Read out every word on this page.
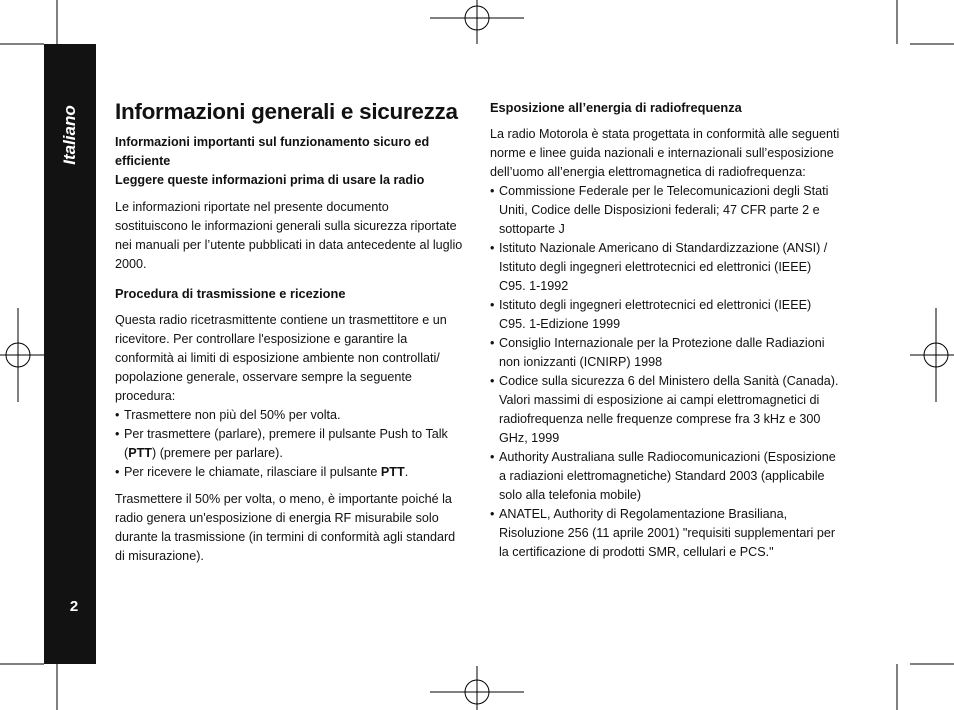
Italiano
2
Informazioni generali e sicurezza
Informazioni importanti sul funzionamento sicuro ed efficiente
Leggere queste informazioni prima di usare la radio

Le informazioni riportate nel presente documento sostituiscono le informazioni generali sulla sicurezza riportate nei manuali per l’utente pubblicati in data antecedente al luglio 2000.

Procedura di trasmissione e ricezione

Questa radio ricetrasmittente contiene un trasmettitore e un ricevitore. Per controllare l'esposizione e garantire la conformità ai limiti di esposizione ambiente non controllati/ popolazione generale, osservare sempre la seguente procedura:

• Trasmettere non più del 50% per volta.
• Per trasmettere (parlare), premere il pulsante Push to Talk (PTT) (premere per parlare).
• Per ricevere le chiamate, rilasciare il pulsante PTT.

Trasmettere il 50% per volta, o meno, è importante poiché la radio genera un'esposizione di energia RF misurabile solo durante la trasmissione (in termini di conformità agli standard di misurazione).

Esposizione all’energia di radiofrequenza

La radio Motorola è stata progettata in conformità alle seguenti norme e linee guida nazionali e internazionali sull’esposizione dell’uomo all’energia elettromagnetica di radiofrequenza:

• Commissione Federale per le Telecomunicazioni degli Stati Uniti, Codice delle Disposizioni federali; 47 CFR parte 2 e sottoparte J
• Istituto Nazionale Americano di Standardizzazione (ANSI) / Istituto degli ingegneri elettrotecnici ed elettronici (IEEE) C95. 1-1992
• Istituto degli ingegneri elettrotecnici ed elettronici (IEEE) C95. 1-Edizione 1999
• Consiglio Internazionale per la Protezione dalle Radiazioni non ionizzanti (ICNIRP) 1998
• Codice sulla sicurezza 6 del Ministero della Sanità (Canada). Valori massimi di esposizione ai campi elettromagnetici di radiofrequenza nelle frequenze comprese fra 3 kHz e 300 GHz, 1999
• Authority Australiana sulle Radiocomunicazioni (Esposizione a radiazioni elettromagnetiche) Standard 2003 (applicabile solo alla telefonia mobile)
• ANATEL, Authority di Regolamentazione Brasiliana, Risoluzione 256 (11 aprile 2001) "requisiti supplementari per la certificazione di prodotti SMR, cellulari e PCS."
